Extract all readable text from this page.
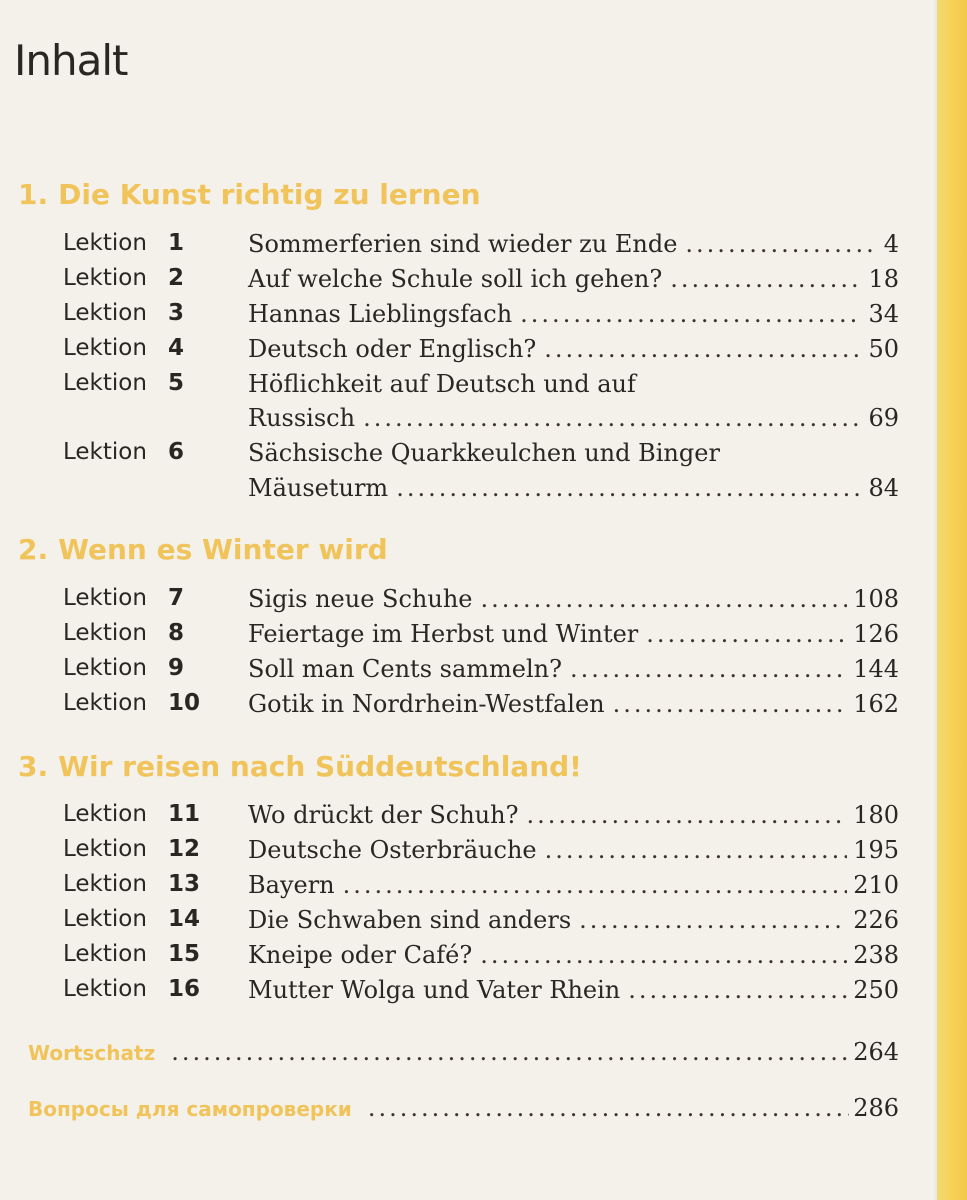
Inhalt
1. Die Kunst richtig zu lernen
Lektion 1	Sommerferien sind wieder zu Ende .....	4
Lektion 2	Auf welche Schule soll ich gehen? .....	18
Lektion 3	Hannas Lieblingsfach .....	34
Lektion 4	Deutsch oder Englisch? .....	50
Lektion 5	Höflichkeit auf Deutsch und auf
Russisch .....	69
Lektion 6	Sächsische Quarkkeulchen und Binger
Mäuseturm .....	84
2. Wenn es Winter wird
Lektion 7	Sigis neue Schuhe .....	108
Lektion 8	Feiertage im Herbst und Winter .....	126
Lektion 9	Soll man Cents sammeln? .....	144
Lektion 10 Gotik in Nordrhein-Westfalen .....	162
3. Wir reisen nach Süddeutschland!
Lektion 11 Wo drückt der Schuh? .....	180
Lektion 12 Deutsche Osterbräuche .....	195
Lektion 13 Bayern .....	210
Lektion 14 Die Schwaben sind anders .....	226
Lektion 15 Kneipe oder Café? .....	238
Lektion 16 Mutter Wolga und Vater Rhein .....	250
Wortschatz .....	264
Вопросы для самопроверки .....	286
